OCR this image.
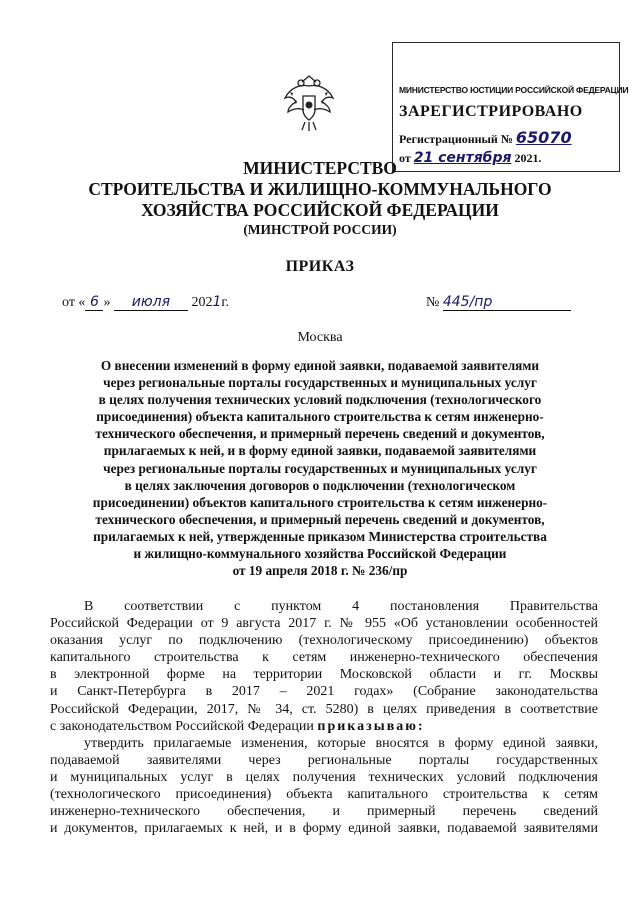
МИНИСТЕРСТВО ЮСТИЦИИ РОССИЙСКОЙ ФЕДЕРАЦИИ
ЗАРЕГИСТРИРОВАНО
Регистрационный № 65070
от 21 сентября 2021.
МИНИСТЕРСТВО
СТРОИТЕЛЬСТВА И ЖИЛИЩНО-КОММУНАЛЬНОГО
ХОЗЯЙСТВА РОССИЙСКОЙ ФЕДЕРАЦИИ
(МИНСТРОЙ РОССИИ)
ПРИКАЗ
от « 6 » июля 2021г.	№ 445/пр
Москва
О внесении изменений в форму единой заявки, подаваемой заявителями
через региональные порталы государственных и муниципальных услуг
в целях получения технических условий подключения (технологического
присоединения) объекта капитального строительства к сетям инженерно-
технического обеспечения, и примерный перечень сведений и документов,
прилагаемых к ней, и в форму единой заявки, подаваемой заявителями
через региональные порталы государственных и муниципальных услуг
в целях заключения договоров о подключении (технологическом
присоединении) объектов капитального строительства к сетям инженерно-
технического обеспечения, и примерный перечень сведений и документов,
прилагаемых к ней, утвержденные приказом Министерства строительства
и жилищно-коммунального хозяйства Российской Федерации
от 19 апреля 2018 г. № 236/пр
В соответствии с пунктом 4 постановления Правительства
Российской Федерации от 9 августа 2017 г. № 955 «Об установлении особенностей
оказания услуг по подключению (технологическому присоединению) объектов
капитального строительства к сетям инженерно-технического обеспечения
в электронной форме на территории Московской области и гг. Москвы
и Санкт-Петербурга в 2017 – 2021 годах» (Собрание законодательства
Российской Федерации, 2017, № 34, ст. 5280) в целях приведения в соответствие
с законодательством Российской Федерации приказываю:
утвердить прилагаемые изменения, которые вносятся в форму единой заявки,
подаваемой заявителями через региональные порталы государственных
и муниципальных услуг в целях получения технических условий подключения
(технологического присоединения) объекта капитального строительства к сетям
инженерно-технического обеспечения, и примерный перечень сведений
и документов, прилагаемых к ней, и в форму единой заявки, подаваемой заявителями
